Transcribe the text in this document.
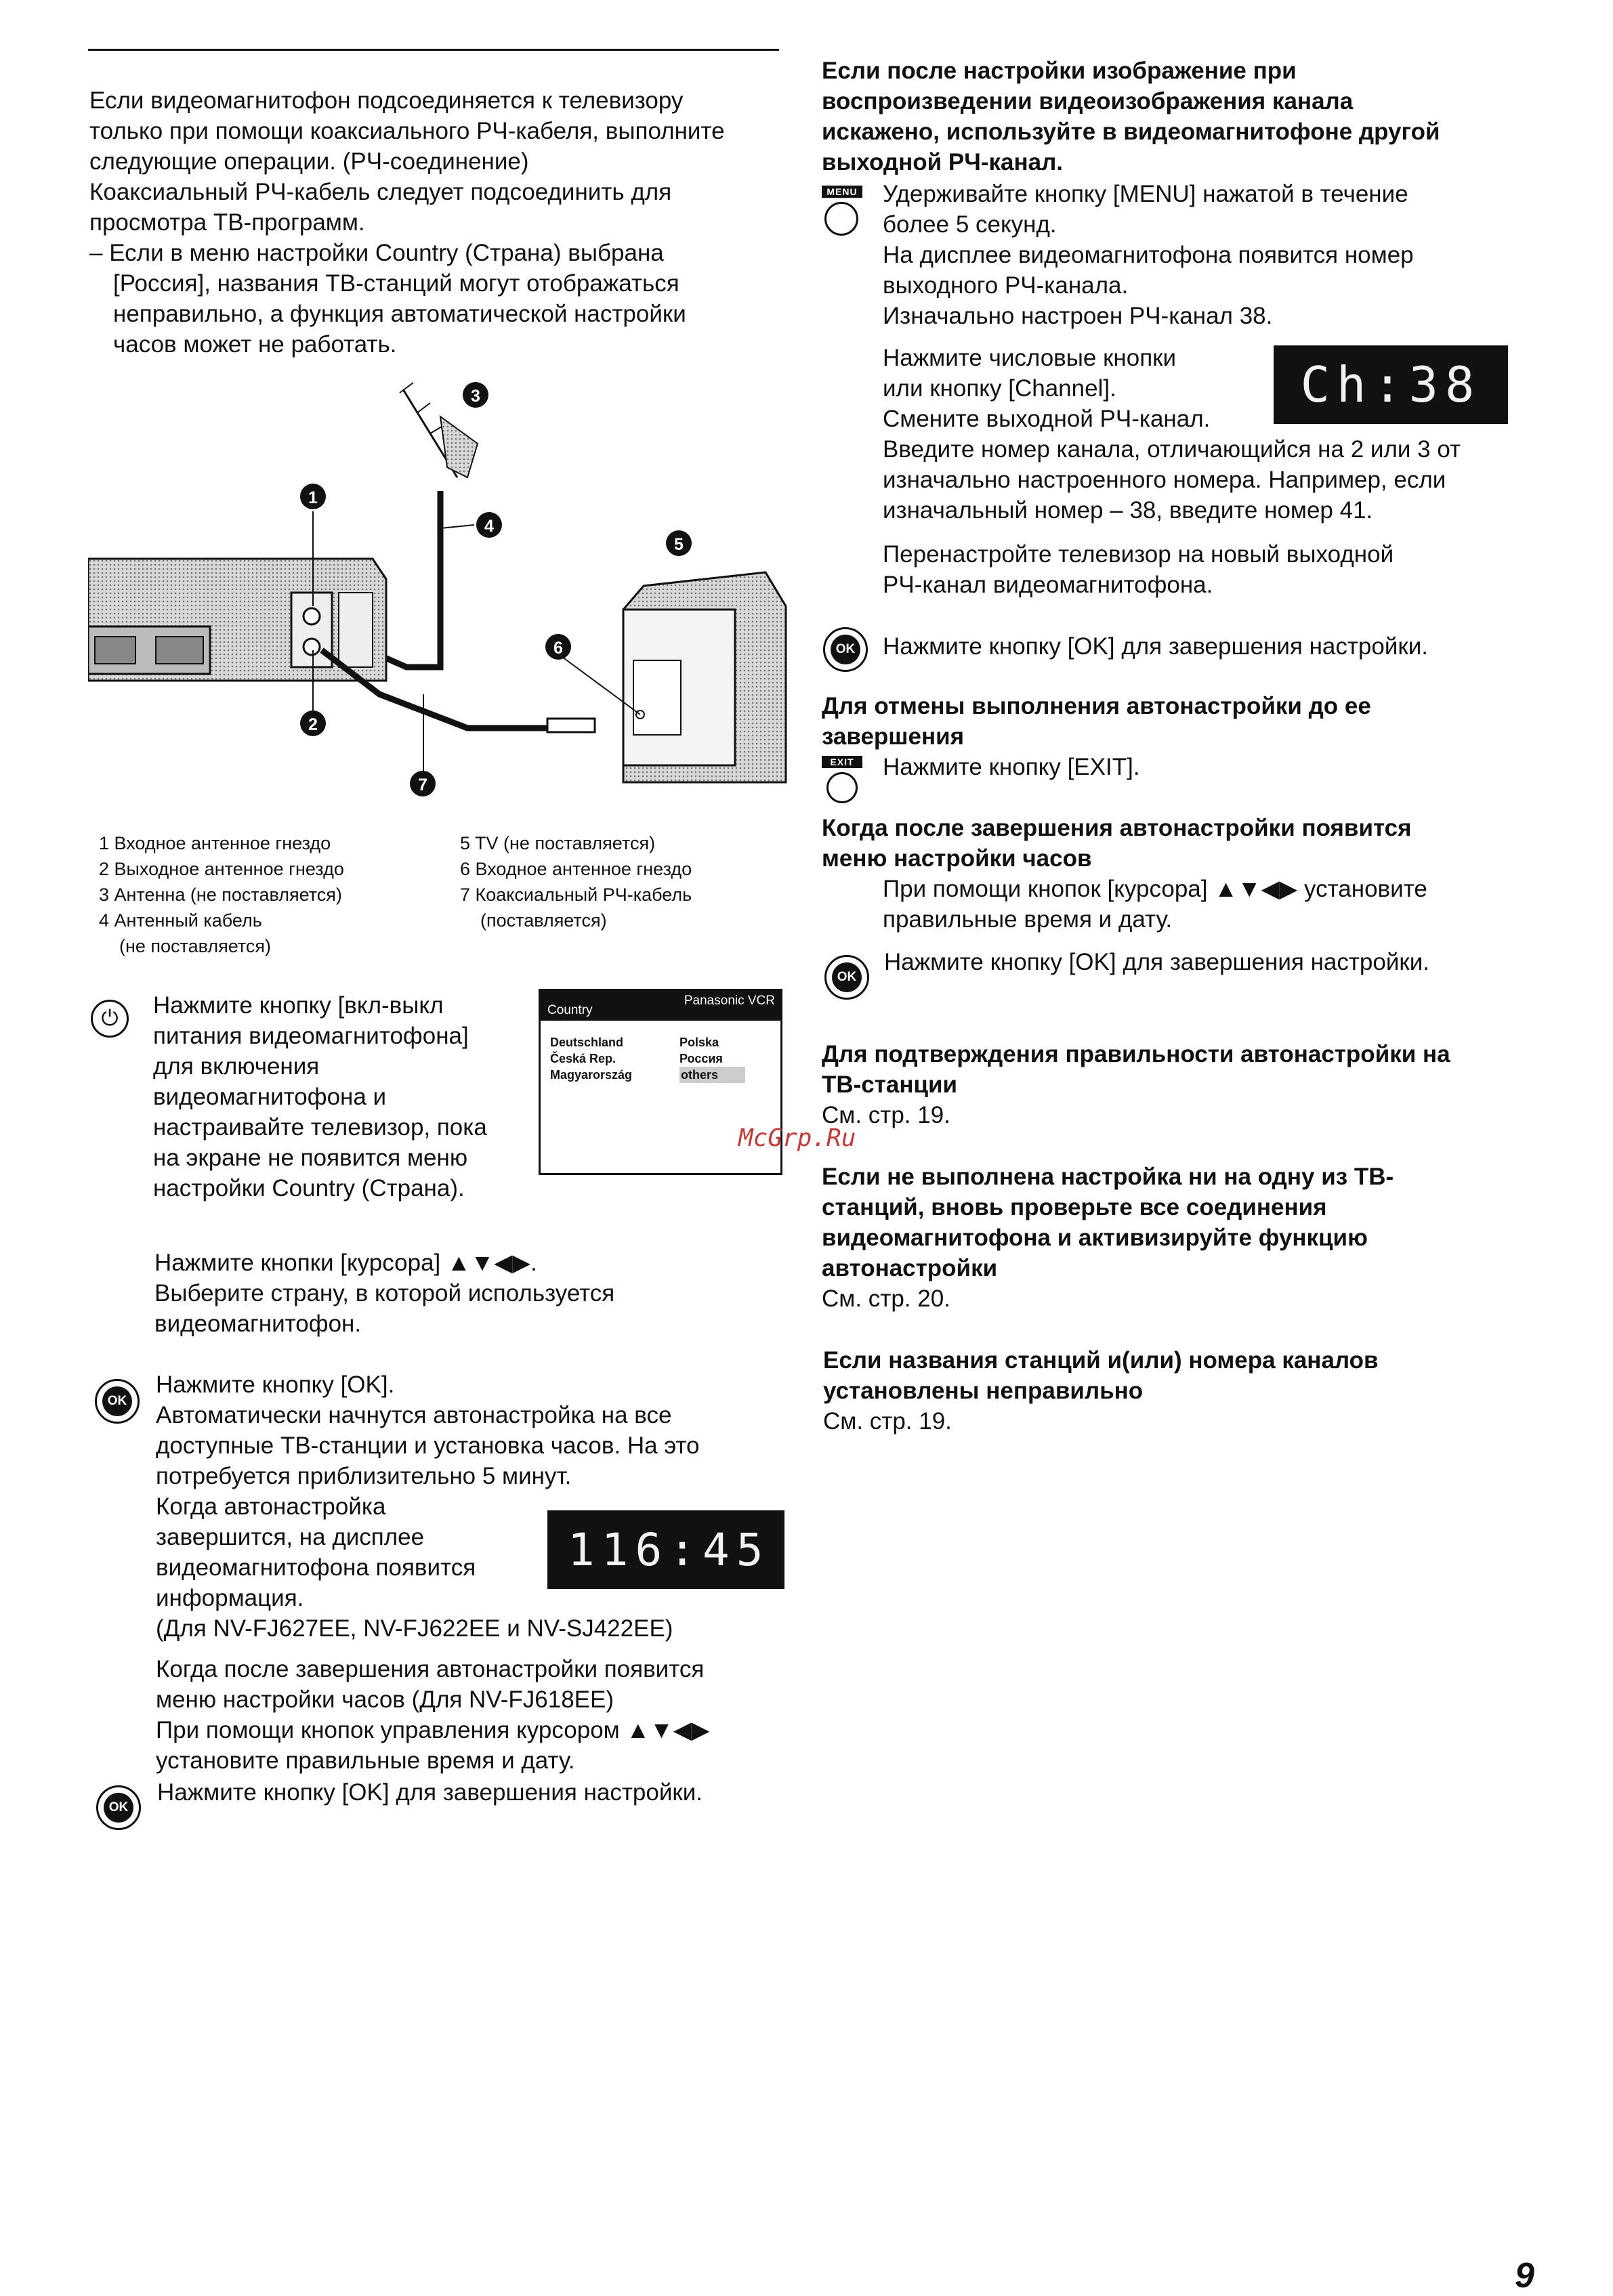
Если видеомагнитофон подсоединяется к телевизору

только при помощи коаксиального РЧ-кабеля, выполните

следующие операции. (РЧ-соединение)

Коаксиальный РЧ-кабель следует подсоединить для

просмотра ТВ-программ.

– Если в меню настройки Country (Страна) выбрана

[Россия], названия ТВ-станций могут отображаться

неправильно, а функция автоматической настройки

часов может не работать.

1
2
3
4
5
6
7

1 Входное антенное гнездо

2 Выходное антенное гнездо

3 Антенна (не поставляется)

4 Антенный кабель

(не поставляется)

5 TV (не поставляется)

6 Входное антенное гнездо

7 Коаксиальный РЧ-кабель

(поставляется)

⏻ Нажмите кнопку [вкл-выкл

питания видеомагнитофона]

для включения

видеомагнитофона и

настраивайте телевизор, пока

на экране не появится меню

настройки Country (Страна).

Country
Panasonic VCR
Deutschland
Česká Rep.
Magyarország
Polska
Россия
others

Нажмите кнопки [курсора] ▲▼◀▶.

Выберите страну, в которой используется

видеомагнитофон.

OK

Нажмите кнопку [OK].

Автоматически начнутся автонастройка на все

доступные ТВ-станции и установка часов. На это

потребуется приблизительно 5 минут.

Когда автонастройка

завершится, на дисплее

видеомагнитофона появится

информация.

(Для NV-FJ627EE, NV-FJ622EE и NV-SJ422EE)

1 16:45

Когда после завершения автонастройки появится

меню настройки часов (Для NV-FJ618EE)

При помощи кнопок управления курсором ▲▼◀▶

установите правильные время и дату.

OK

Нажмите кнопку [OK] для завершения настройки.

Если после настройки изображение при

воспроизведении видеоизображения канала

искажено, используйте в видеомагнитофоне другой

выходной РЧ-канал.

MENU Удерживайте кнопку [MENU] нажатой в течение

более 5 секунд.

На дисплее видеомагнитофона появится номер

выходного РЧ-канала.

Изначально настроен РЧ-канал 38.

Нажмите числовые кнопки

или кнопку [Channel].

Смените выходной РЧ-канал.

Ch:38

Введите номер канала, отличающийся на 2 или 3 от

изначально настроенного номера. Например, если

изначальный номер – 38, введите номер 41.

Перенастройте телевизор на новый выходной

РЧ-канал видеомагнитофона.

OK Нажмите кнопку [OK] для завершения настройки.

Для отмены выполнения автонастройки до ее

завершения

EXIT	Нажмите кнопку [EXIT].

Когда после завершения автонастройки появится

меню настройки часов

При помощи кнопок [курсора] ▲▼◀▶ установите

правильные время и дату.

OK

Нажмите кнопку [OK] для завершения настройки.

Для подтверждения правильности автонастройки на

ТВ-станции

См. стр. 19.

Если не выполнена настройка ни на одну из ТВ-

станций, вновь проверьте все соединения

видеомагнитофона и активизируйте функцию

автонастройки

См. стр. 20.

Если названия станций и(или) номера каналов

установлены неправильно

См. стр. 19.

McGrp.Ru
9
